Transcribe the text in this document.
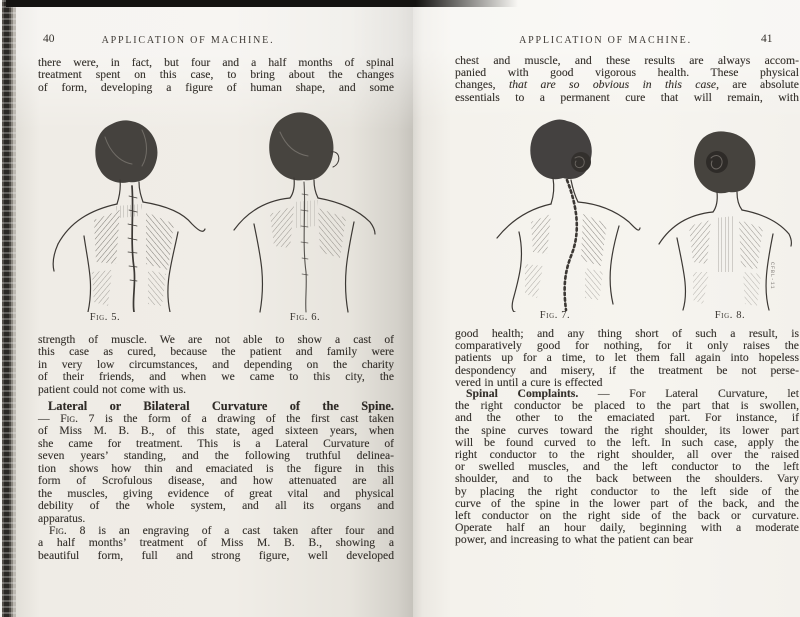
40	APPLICATION OF MACHINE.
there were, in fact, but four and a half months of spinal
treatment spent on this case, to bring about the changes
of form, developing a figure of human shape, and some
Fig. 5.	Fig. 6.
strength of muscle. We are not able to show a cast of
this case as cured, because the patient and family were
in very low circumstances, and depending on the charity
of their friends, and when we came to this city, the
patient could not come with us.
Lateral or Bilateral Curvature of the Spine.
— Fig. 7 is the form of a drawing of the first cast taken
of Miss M. B. B., of this state, aged sixteen years, when
she came for treatment. This is a Lateral Curvature of
seven years’ standing, and the following truthful delinea-
tion shows how thin and emaciated is the figure in this
form of Scrofulous disease, and how attenuated are all
the muscles, giving evidence of great vital and physical
debility of the whole system, and all its organs and
apparatus.
Fig. 8 is an engraving of a cast taken after four and
a half months’ treatment of Miss M. B. B., showing a
beautiful form, full and strong figure, well developed
APPLICATION OF MACHINE.	41
chest and muscle, and these results are always accom-
panied with good vigorous health. These physical
changes, that are so obvious in this case, are absolute
essentials to a permanent cure that will remain, with
Fig. 7.
CFBL-11
Fig. 8.
good health; and any thing short of such a result, is
comparatively good for nothing, for it only raises the
patients up for a time, to let them fall again into hopeless
despondency and misery, if the treatment be not perse-
vered in until a cure is effected
Spinal Complaints. — For Lateral Curvature, let
the right conductor be placed to the part that is swollen,
and the other to the emaciated part. For instance, if
the spine curves toward the right shoulder, its lower part
will be found curved to the left. In such case, apply the
right conductor to the right shoulder, all over the raised
or swelled muscles, and the left conductor to the left
shoulder, and to the back between the shoulders. Vary
by placing the right conductor to the left side of the
curve of the spine in the lower part of the back, and the
left conductor on the right side of the back or curvature.
Operate half an hour daily, beginning with a moderate
power, and increasing to what the patient can bear
